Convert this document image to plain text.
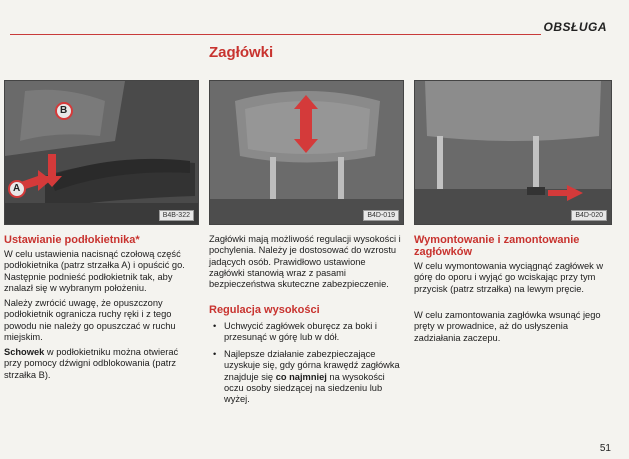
OBSŁUGA
Zagłówki
A
B
B4B-322	B4D-019	B4D-020
Ustawianie podłokietnika*
W celu ustawienia nacisnąć czołową część podłokietnika (patrz strzałka A) i opuścić go. Następnie podnieść podłokietnik tak, aby znalazł się w wybranym położeniu.
Należy zwrócić uwagę, że opuszczony podłokietnik ogranicza ruchy ręki i z tego powodu nie należy go opuszczać w ruchu miejskim.
Schowek w podłokietniku można otwierać przy pomocy dźwigni odblokowania (patrz strzałka B).
Zagłówki mają możliwość regulacji wysokości i pochylenia. Należy je dostosować do wzrostu jadących osób. Prawidłowo ustawione zagłówki stanowią wraz z pasami bezpieczeństwa skuteczne zabezpieczenie.
Regulacja wysokości
• Uchwycić zagłówek oburęcz za boki i przesunąć w górę lub w dół.
• Najlepsze działanie zabezpieczające uzyskuje się, gdy górna krawędź zagłówka znajduje się co najmniej na wysokości oczu osoby siedzącej na siedzeniu lub wyżej.
Wymontowanie i zamontowanie zagłówków
W celu wymontowania wyciągnąć zagłówek w górę do oporu i wyjąć go wciskając przy tym przycisk (patrz strzałka) na lewym pręcie.
W celu zamontowania zagłówka wsunąć jego pręty w prowadnice, aż do usłyszenia zadziałania zaczepu.
51
